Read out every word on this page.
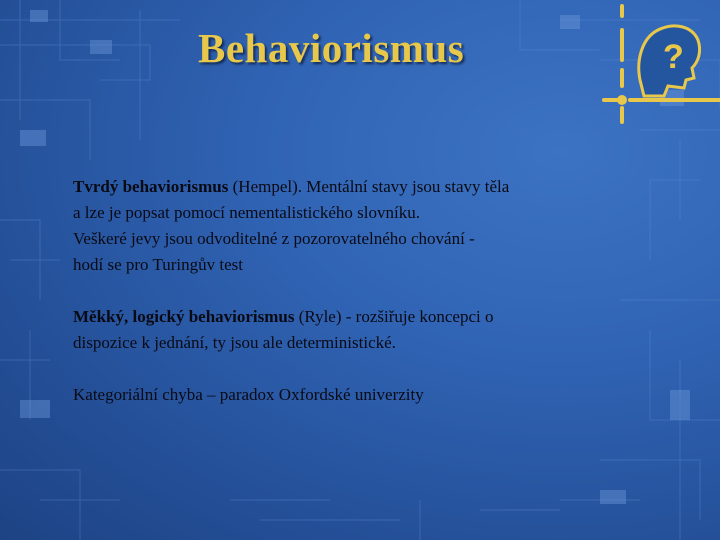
Behaviorismus	?

Tvrdý behaviorismus (Hempel). Mentální stavy jsou stavy těla
a lze je popsat pomocí nementalistického slovníku.
Veškeré jevy jsou odvoditelné z pozorovatelného chování -
hodí se pro Turingův test

Měkký, logický behaviorismus (Ryle) - rozšiřuje koncepci o
dispozice k jednání, ty jsou ale deterministické.

Kategoriální chyba – paradox Oxfordské univerzity
